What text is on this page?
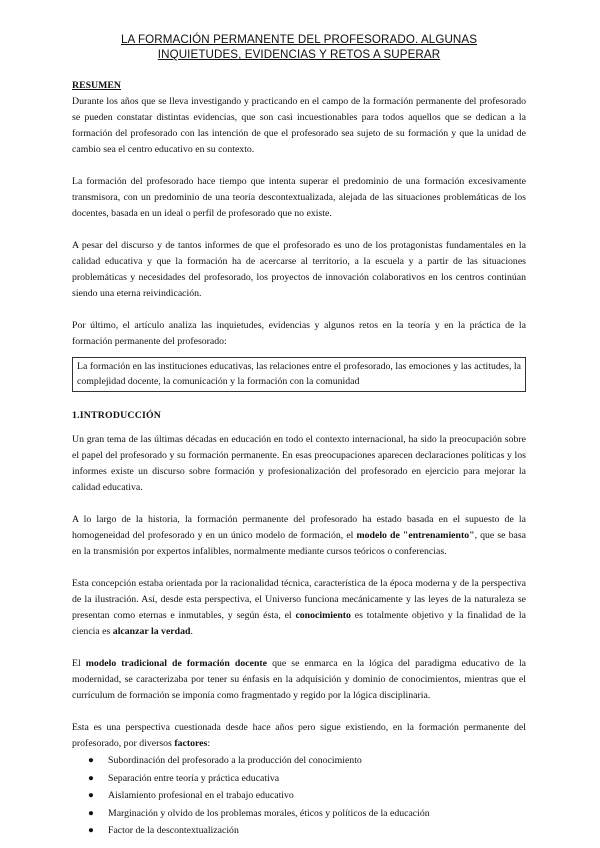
LA FORMACIÓN PERMANENTE DEL PROFESORADO. ALGUNAS
INQUIETUDES, EVIDENCIAS Y RETOS A SUPERAR

RESUMEN

Durante los años que se lleva investigando y practicando en el campo de la formación permanente del profesorado se pueden constatar distintas evidencias, que son casi incuestionables para todos aquellos que se dedican a la formación del profesorado con las intención de que el profesorado sea sujeto de su formación y que la unidad de cambio sea el centro educativo en su contexto.

La formación del profesorado hace tiempo que intenta superar el predominio de una formación excesivamente transmisora, con un predominio de una teoría descontextualizada, alejada de las situaciones problemáticas de los docentes, basada en un ideal o perfil de profesorado que no existe.

A pesar del discurso y de tantos informes de que el profesorado es uno de los protagonistas fundamentales en la calidad educativa y que la formación ha de acercarse al territorio, a la escuela y a partir de las situaciones problemáticas y necesidades del profesorado, los proyectos de innovación colaborativos en los centros continúan siendo una eterna reivindicación.

Por último, el artículo analiza las inquietudes, evidencias y algunos retos en la teoría y en la práctica de la formación permanente del profesorado:

La formación en las instituciones educativas, las relaciones entre el profesorado, las emociones y las actitudes, la complejidad docente, la comunicación y la formación con la comunidad

1.INTRODUCCIÓN

Un gran tema de las últimas décadas en educación en todo el contexto internacional, ha sido la preocupación sobre el papel del profesorado y su formación permanente. En esas preocupaciones aparecen declaraciones políticas y los informes existe un discurso sobre formación y profesionalización del profesorado en ejercicio para mejorar la calidad educativa.

A lo largo de la historia, la formación permanente del profesorado ha estado basada en el supuesto de la homogeneidad del profesorado y en un único modelo de formación, el modelo de "entrenamiento", que se basa en la transmisión por expertos infalibles, normalmente mediante cursos teóricos o conferencias.

Esta concepción estaba orientada por la racionalidad técnica, característica de la época moderna y de la perspectiva de la ilustración. Así, desde esta perspectiva, el Universo funciona mecánicamente y las leyes de la naturaleza se presentan como eternas e inmutables, y según ésta, el conocimiento es totalmente objetivo y la finalidad de la ciencia es alcanzar la verdad.

El modelo tradicional de formación docente que se enmarca en la lógica del paradigma educativo de la modernidad, se caracterizaba por tener su énfasis en la adquisición y dominio de conocimientos, mientras que el currículum de formación se imponía como fragmentado y regido por la lógica disciplinaria.

Esta es una perspectiva cuestionada desde hace años pero sigue existiendo, en la formación permanente del profesorado, por diversos factores:

● Subordinación del profesorado a la producción del conocimiento
● Separación entre teoría y práctica educativa
● Aislamiento profesional en el trabajo educativo
● Marginación y olvido de los problemas morales, éticos y políticos de la educación
● Factor de la descontextualización
